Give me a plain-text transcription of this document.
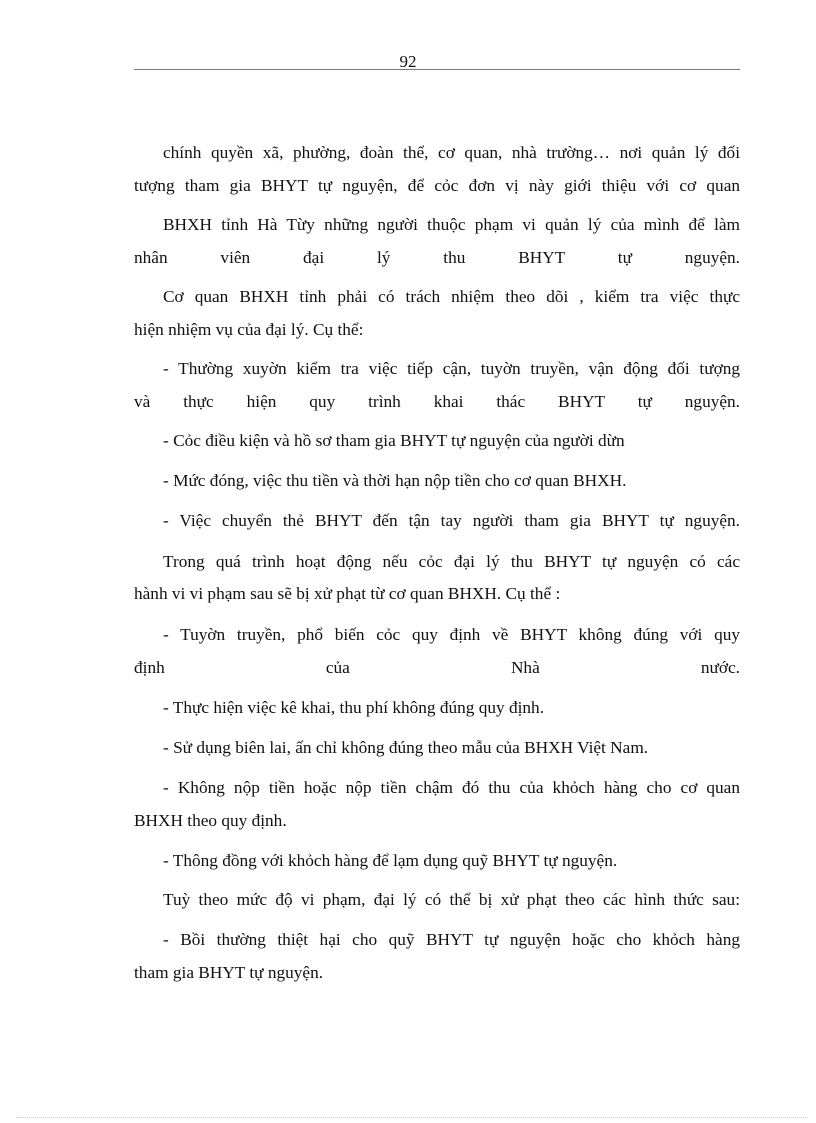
92
chính quyền xã, phường, đoàn thể, cơ quan, nhà trường… nơi quản lý đối
tượng tham gia BHYT tự nguyện, để cỏc đơn vị này giới thiệu với cơ quan
BHXH tỉnh Hà Từy những người thuộc phạm vi quản lý của mình để làm
nhân viên đại lý thu BHYT tự nguyện.
Cơ quan BHXH tỉnh phải có trách nhiệm theo dõi , kiểm tra việc thực
hiện nhiệm vụ của đại lý. Cụ thể:
- Thường xuyờn kiểm tra việc tiếp cận, tuyờn truyền, vận động đối tượng
và thực hiện quy trình khai thác BHYT tự nguyện.
- Cỏc điều kiện và hồ sơ tham gia BHYT tự nguyện của người dừn
- Mức đóng, việc thu tiền và thời hạn nộp tiền cho cơ quan BHXH.
- Việc chuyển thẻ BHYT đến tận tay người tham gia BHYT tự nguyện.
Trong quá trình hoạt động nếu cỏc đại lý thu BHYT tự nguyện có các
hành vi vi phạm sau sẽ bị xử phạt từ cơ quan BHXH. Cụ thể :
- Tuyờn truyền, phổ biến cỏc quy định về BHYT không đúng với quy
định của Nhà nước.
- Thực hiện việc kê khai, thu phí không đúng quy định.
- Sử dụng biên lai, ấn chỉ không đúng theo mẫu của BHXH Việt Nam.
- Không nộp tiền hoặc nộp tiền chậm đó thu của khỏch hàng cho cơ quan
BHXH theo quy định.
- Thông đồng với khỏch hàng để lạm dụng quỹ BHYT tự nguyện.
Tuỳ theo mức độ vi phạm, đại lý có thể bị xử phạt theo các hình thức sau:
- Bồi thường thiệt hại cho quỹ BHYT tự nguyện hoặc cho khỏch hàng
tham gia BHYT tự nguyện.
